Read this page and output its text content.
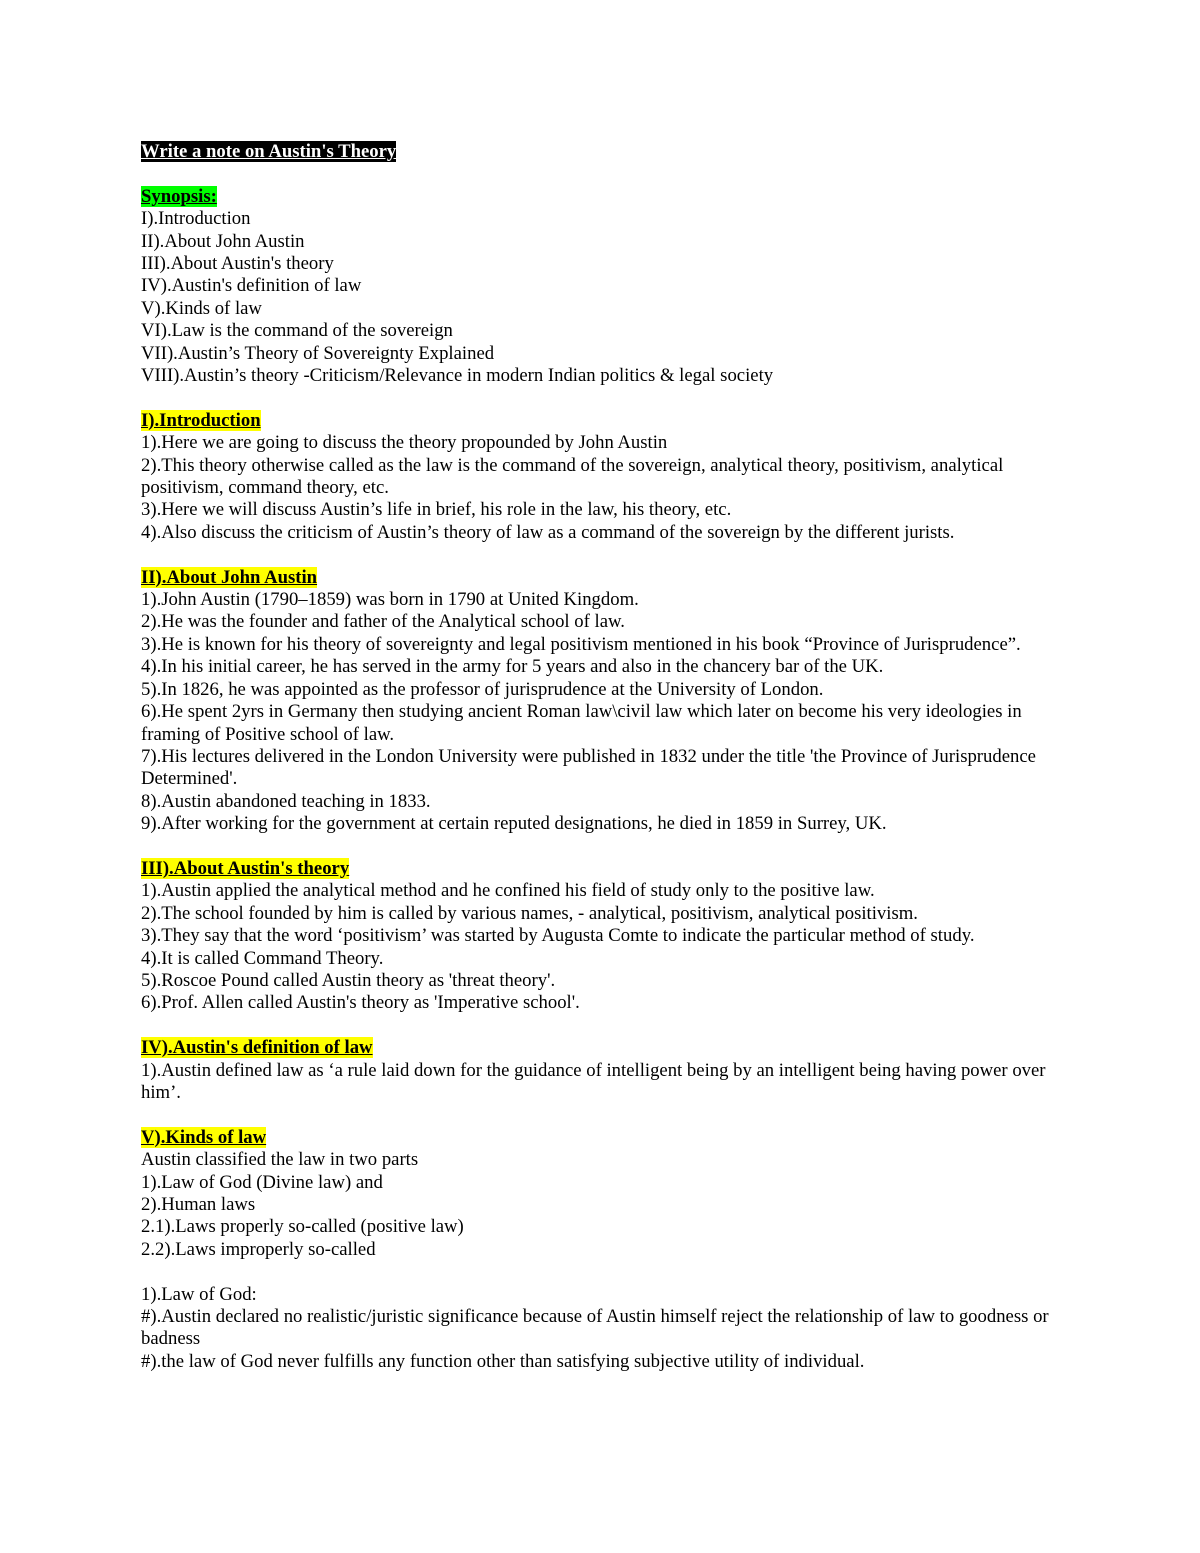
Write a note on Austin's Theory
Synopsis:
I).Introduction
II).About John Austin
III).About Austin's theory
IV).Austin's definition of law
V).Kinds of law
VI).Law is the command of the sovereign
VII).Austin’s Theory of Sovereignty Explained
VIII).Austin’s theory -Criticism/Relevance in modern Indian politics & legal society
I).Introduction
1).Here we are going to discuss the theory propounded by John Austin
2).This theory otherwise called as the law is the command of the sovereign, analytical theory, positivism, analytical positivism, command theory, etc.
3).Here we will discuss Austin’s life in brief, his role in the law, his theory, etc.
4).Also discuss the criticism of Austin’s theory of law as a command of the sovereign by the different jurists.
II).About John Austin
1).John Austin (1790–1859) was born in 1790 at United Kingdom.
2).He was the founder and father of the Analytical school of law.
3).He is known for his theory of sovereignty and legal positivism mentioned in his book “Province of Jurisprudence”.
4).In his initial career, he has served in the army for 5 years and also in the chancery bar of the UK.
5).In 1826, he was appointed as the professor of jurisprudence at the University of London.
6).He spent 2yrs in Germany then studying ancient Roman law\civil law which later on become his very ideologies in framing of Positive school of law.
7).His lectures delivered in the London University were published in 1832 under the title 'the Province of Jurisprudence Determined'.
8).Austin abandoned teaching in 1833.
9).After working for the government at certain reputed designations, he died in 1859 in Surrey, UK.
III).About Austin's theory
1).Austin applied the analytical method and he confined his field of study only to the positive law.
2).The school founded by him is called by various names, - analytical, positivism, analytical positivism.
3).They say that the word ‘positivism’ was started by Augusta Comte to indicate the particular method of study.
4).It is called Command Theory.
5).Roscoe Pound called Austin theory as 'threat theory'.
6).Prof. Allen called Austin's theory as 'Imperative school'.
IV).Austin's definition of law
1).Austin defined law as ‘a rule laid down for the guidance of intelligent being by an intelligent being having power over him’.
V).Kinds of law
Austin classified the law in two parts
1).Law of God (Divine law) and
2).Human laws
2.1).Laws properly so-called (positive law)
2.2).Laws improperly so-called
1).Law of God:
#).Austin declared no realistic/juristic significance because of Austin himself reject the relationship of law to goodness or badness
#).the law of God never fulfills any function other than satisfying subjective utility of individual.
